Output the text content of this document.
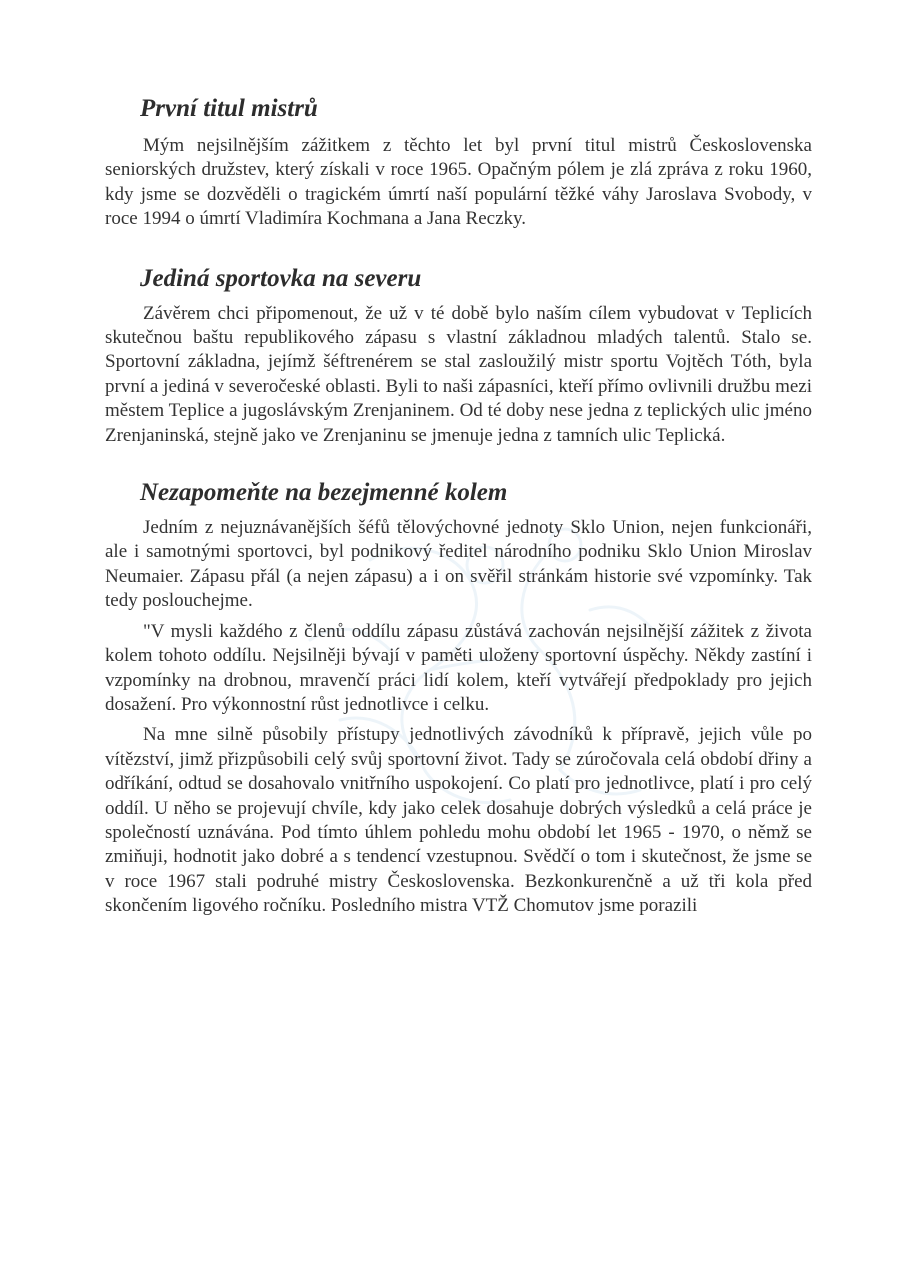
První titul mistrů

Mým nejsilnějším zážitkem z těchto let byl první titul mistrů Československa seniorských družstev, který získali v roce 1965. Opačným pólem je zlá zpráva z roku 1960, kdy jsme se dozvěděli o tragickém úmrtí naší populární těžké váhy Jaroslava Svobody, v roce 1994 o úmrtí Vladimíra Kochmana a Jana Reczky.

Jediná sportovka na severu

Závěrem chci připomenout, že už v té době bylo naším cílem vybudovat v Teplicích skutečnou baštu republikového zápasu s vlastní základnou mladých talentů. Stalo se. Sportovní základna, jejímž šéftrenérem se stal zasloužilý mistr sportu Vojtěch Tóth, byla první a jediná v severočeské oblasti. Byli to naši zápasníci, kteří přímo ovlivnili družbu mezi městem Teplice a jugoslávským Zrenjaninem. Od té doby nese jedna z teplických ulic jméno Zrenjaninská, stejně jako ve Zrenjaninu se jmenuje jedna z tamních ulic Teplická.

Nezapomeňte na bezejmenné kolem

Jedním z nejuznávanějších šéfů tělovýchovné jednoty Sklo Union, nejen funkcionáři, ale i samotnými sportovci, byl podnikový ředitel národního podniku Sklo Union Miroslav Neumaier. Zápasu přál (a nejen zápasu) a i on svěřil stránkám historie své vzpomínky. Tak tedy poslouchejme.

"V mysli každého z členů oddílu zápasu zůstává zachován nejsilnější zážitek z života kolem tohoto oddílu. Nejsilněji bývají v paměti uloženy sportovní úspěchy. Někdy zastíní i vzpomínky na drobnou, mravenčí práci lidí kolem, kteří vytvářejí předpoklady pro jejich dosažení. Pro výkonnostní růst jednotlivce i celku.

Na mne silně působily přístupy jednotlivých závodníků k přípravě, jejich vůle po vítězství, jimž přizpůsobili celý svůj sportovní život. Tady se zúročovala celá období dřiny a odříkání, odtud se dosahovalo vnitřního uspokojení. Co platí pro jednotlivce, platí i pro celý oddíl. U něho se projevují chvíle, kdy jako celek dosahuje dobrých výsledků a celá práce je společností uznávána. Pod tímto úhlem pohledu mohu období let 1965 - 1970, o němž se zmiňuji, hodnotit jako dobré a s tendencí vzestupnou. Svědčí o tom i skutečnost, že jsme se v roce 1967 stali podruhé mistry Československa. Bezkonkurenčně a už tři kola před skončením ligového ročníku. Posledního mistra VTŽ Chomutov jsme porazili
